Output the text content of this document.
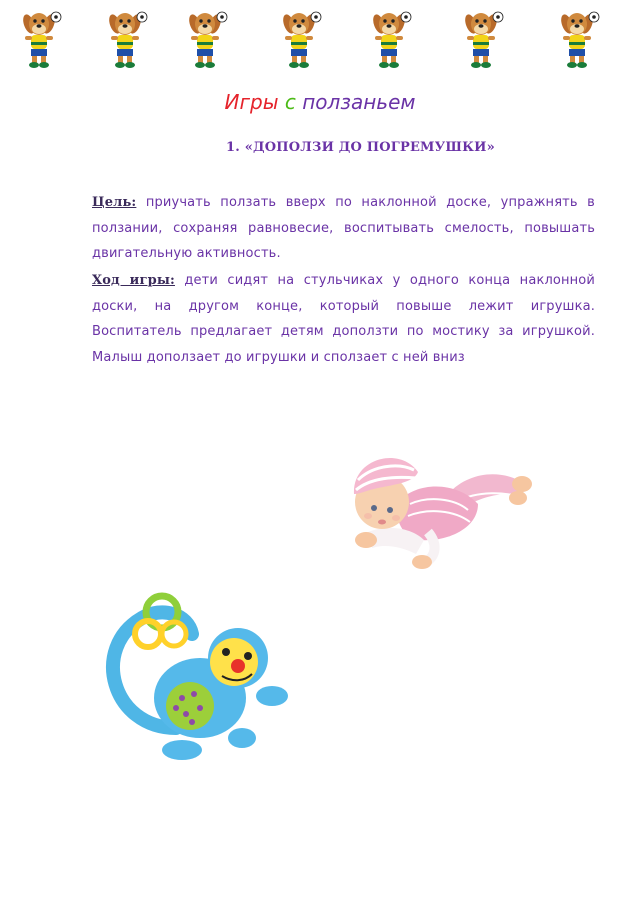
Игры с ползаньем
1. «ДОПОЛЗИ ДО ПОГРЕМУШКИ»
Цель: приучать ползать вверх по наклонной доске, упражнять в ползании, сохраняя равновесие, воспитывать смелость, повышать двигательную активность.
Ход игры: дети сидят на стульчиках у одного конца наклонной доски, на другом конце, который повыше лежит игрушка. Воспитатель предлагает детям доползти по мостику за игрушкой. Малыш доползает до игрушки и сползает с ней вниз
